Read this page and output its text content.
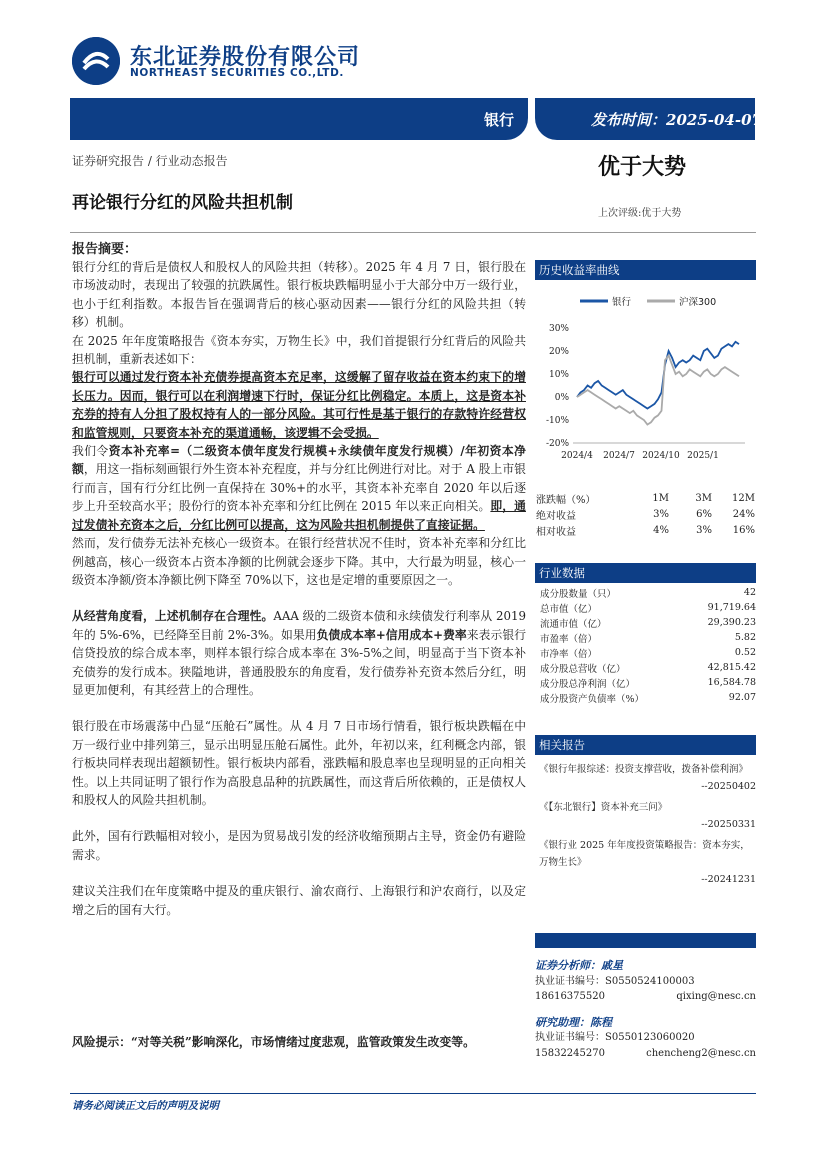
东北证券股份有限公司
NORTHEAST SECURITIES CO.,LTD.
银行	发布时间：2025-04-07
证券研究报告 / 行业动态报告	优于大势
再论银行分红的风险共担机制
上次评级:优于大势
报告摘要：

银行分红的背后是债权人和股权人的风险共担（转移）。2025 年 4 月 7 日，银行股在市场波动时，表现出了较强的抗跌属性。银行板块跌幅明显小于大部分中万一级行业，也小于红利指数。本报告旨在强调背后的核心驱动因素——银行分红的风险共担（转移）机制。

在 2025 年年度策略报告《资本夯实，万物生长》中，我们首提银行分红背后的风险共担机制，重新表述如下：

银行可以通过发行资本补充债券提高资本充足率，这缓解了留存收益在资本约束下的增长压力。因而，银行可以在利润增速下行时，保证分红比例稳定。本质上，这是资本补充券的持有人分担了股权持有人的一部分风险。其可行性是基于银行的存款特许经营权和监管规则，只要资本补充的渠道通畅，该逻辑不会受损。

我们令资本补充率=（二级资本债年度发行规模+永续债年度发行规模）/年初资本净额，用这一指标刻画银行外生资本补充程度，并与分红比例进行对比。对于 A 股上市银行而言，国有行分红比例一直保持在 30%+的水平，其资本补充率自 2020 年以后逐步上升至较高水平；股份行的资本补充率和分红比例在 2015 年以来正向相关。即，通过发债补充资本之后，分红比例可以提高，这为风险共担机制提供了直接证据。

然而，发行债券无法补充核心一级资本。在银行经营状况不佳时，资本补充率和分红比例越高，核心一级资本占资本净额的比例就会逐步下降。其中，大行最为明显，核心一级资本净额/资本净额比例下降至 70%以下，这也是定增的重要原因之一。

从经营角度看，上述机制存在合理性。AAA 级的二级资本债和永续债发行利率从 2019 年的 5%-6%，已经降至目前 2%-3%。如果用负债成本率+信用成本+费率来表示银行信贷投放的综合成本率，则样本银行综合成本率在 3%-5%之间，明显高于当下资本补充债券的发行成本。狭隘地讲，普通股股东的角度看，发行债券补充资本然后分红，明显更加便利，有其经营上的合理性。

银行股在市场震荡中凸显“压舱石”属性。从 4 月 7 日市场行情看，银行板块跌幅在中万一级行业中排列第三，显示出明显压舱石属性。此外，年初以来，红利概念内部，银行板块同样表现出超额韧性。银行板块内部看，涨跌幅和股息率也呈现明显的正向相关性。以上共同证明了银行作为高股息品种的抗跌属性，而这背后所依赖的，正是债权人和股权人的风险共担机制。

此外，国有行跌幅相对较小，是因为贸易战引发的经济收缩预期占主导，资金仍有避险需求。

建议关注我们在年度策略中提及的重庆银行、渝农商行、上海银行和沪农商行，以及定增之后的国有大行。

风险提示：“对等关税”影响深化，市场情绪过度悲观，监管政策发生改变等。
历史收益率曲线
30%
20%
10%
0%
-10%
-20%
2024/4 2024/7 2024/10 2025/1
银行	沪深300
涨跌幅（%）	1M	3M	12M
绝对收益	3%	6%	24%
相对收益	4%	3%	16%
行业数据
成分股数量（只）	42
总市值（亿）	91,719.64
流通市值（亿）	29,390.23
市盈率（倍）	5.82
市净率（倍）	0.52
成分股总营收（亿）	42,815.42
成分股总净利润（亿）	16,584.78
成分股资产负债率（%）	92.07
相关报告
《银行年报综述：投资支撑营收，拨备补偿利润》
--20250402
《【东北银行】资本补充三问》
--20250331
《银行业 2025 年年度投资策略报告：资本夯实，万物生长》
--20241231
证券分析师：戚星
执业证书编号：S0550524100003
18616375520	qixing@nesc.cn
研究助理：陈程
执业证书编号：S0550123060020
15832245270	chencheng2@nesc.cn
请务必阅读正文后的声明及说明
